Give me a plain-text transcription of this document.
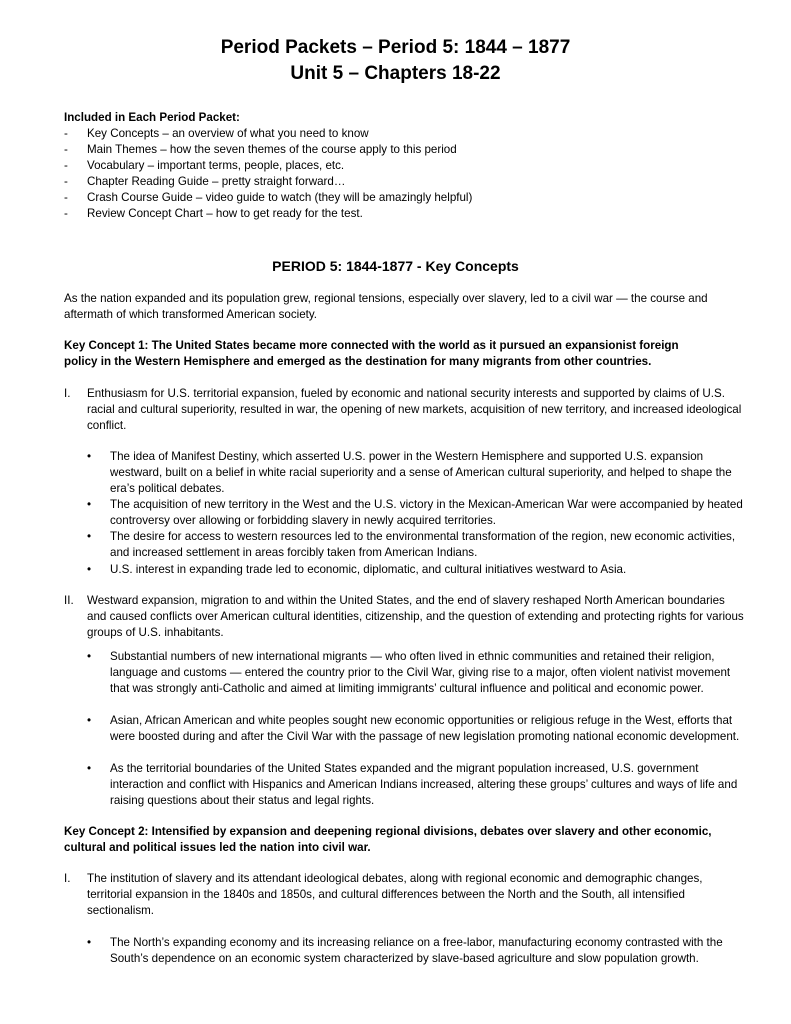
Period Packets – Period 5: 1844 – 1877
Unit 5 – Chapters 18-22
Included in Each Period Packet:
- Key Concepts – an overview of what you need to know
- Main Themes – how the seven themes of the course apply to this period
- Vocabulary – important terms, people, places, etc.
- Chapter Reading Guide – pretty straight forward…
- Crash Course Guide – video guide to watch (they will be amazingly helpful)
- Review Concept Chart – how to get ready for the test.
PERIOD 5: 1844-1877 - Key Concepts
As the nation expanded and its population grew, regional tensions, especially over slavery, led to a civil war — the course and aftermath of which transformed American society.
Key Concept 1: The United States became more connected with the world as it pursued an expansionist foreign policy in the Western Hemisphere and emerged as the destination for many migrants from other countries.
I. Enthusiasm for U.S. territorial expansion, fueled by economic and national security interests and supported by claims of U.S. racial and cultural superiority, resulted in war, the opening of new markets, acquisition of new territory, and increased ideological conflict.
• The idea of Manifest Destiny, which asserted U.S. power in the Western Hemisphere and supported U.S. expansion westward, built on a belief in white racial superiority and a sense of American cultural superiority, and helped to shape the era’s political debates.
• The acquisition of new territory in the West and the U.S. victory in the Mexican-American War were accompanied by heated controversy over allowing or forbidding slavery in newly acquired territories.
• The desire for access to western resources led to the environmental transformation of the region, new economic activities, and increased settlement in areas forcibly taken from American Indians.
• U.S. interest in expanding trade led to economic, diplomatic, and cultural initiatives westward to Asia.
II. Westward expansion, migration to and within the United States, and the end of slavery reshaped North American boundaries and caused conflicts over American cultural identities, citizenship, and the question of extending and protecting rights for various groups of U.S. inhabitants.
• Substantial numbers of new international migrants — who often lived in ethnic communities and retained their religion, language and customs — entered the country prior to the Civil War, giving rise to a major, often violent nativist movement that was strongly anti-Catholic and aimed at limiting immigrants’ cultural influence and political and economic power.
• Asian, African American and white peoples sought new economic opportunities or religious refuge in the West, efforts that were boosted during and after the Civil War with the passage of new legislation promoting national economic development.
• As the territorial boundaries of the United States expanded and the migrant population increased, U.S. government interaction and conflict with Hispanics and American Indians increased, altering these groups’ cultures and ways of life and raising questions about their status and legal rights.
Key Concept 2: Intensified by expansion and deepening regional divisions, debates over slavery and other economic, cultural and political issues led the nation into civil war.
I. The institution of slavery and its attendant ideological debates, along with regional economic and demographic changes, territorial expansion in the 1840s and 1850s, and cultural differences between the North and the South, all intensified sectionalism.
• The North’s expanding economy and its increasing reliance on a free-labor, manufacturing economy contrasted with the South’s dependence on an economic system characterized by slave-based agriculture and slow population growth.
